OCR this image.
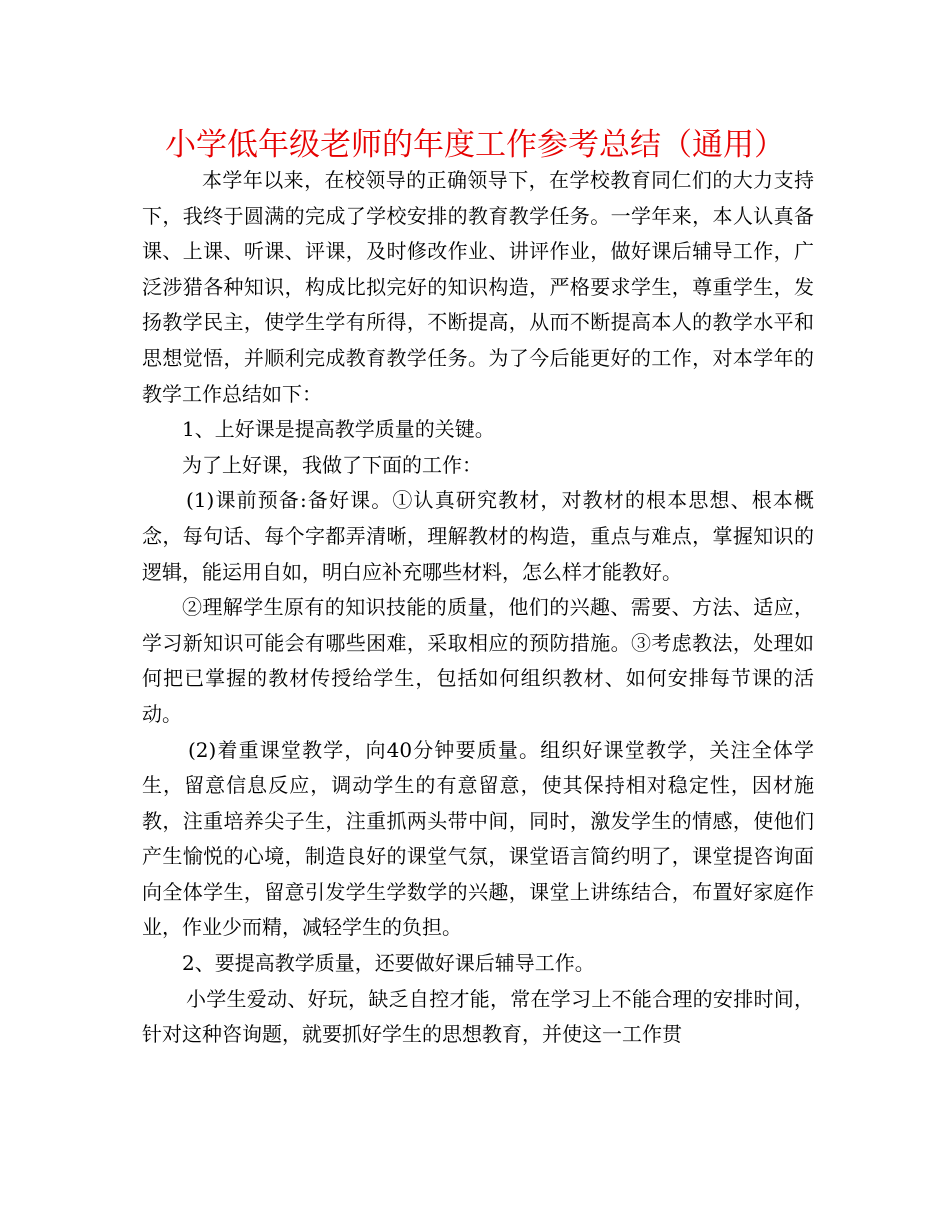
小学低年级老师的年度工作参考总结（通用）

本学年以来，在校领导的正确领导下，在学校教育同仁们的大力支持下，我终于圆满的完成了学校安排的教育教学任务。一学年来，本人认真备课、上课、听课、评课，及时修改作业、讲评作业，做好课后辅导工作，广泛涉猎各种知识，构成比拟完好的知识构造，严格要求学生，尊重学生，发扬教学民主，使学生学有所得，不断提高，从而不断提高本人的教学水平和思想觉悟，并顺利完成教育教学任务。为了今后能更好的工作，对本学年的教学工作总结如下：

1、上好课是提高教学质量的关键。

为了上好课，我做了下面的工作：

(1)课前预备:备好课。①认真研究教材，对教材的根本思想、根本概念，每句话、每个字都弄清晰，理解教材的构造，重点与难点，掌握知识的逻辑，能运用自如，明白应补充哪些材料，怎么样才能教好。

②理解学生原有的知识技能的质量，他们的兴趣、需要、方法、适应，学习新知识可能会有哪些困难，采取相应的预防措施。③考虑教法，处理如何把已掌握的教材传授给学生，包括如何组织教材、如何安排每节课的活动。

(2)着重课堂教学，向40分钟要质量。组织好课堂教学，关注全体学生，留意信息反应，调动学生的有意留意，使其保持相对稳定性，因材施教，注重培养尖子生，注重抓两头带中间，同时，激发学生的情感，使他们产生愉悦的心境，制造良好的课堂气氛，课堂语言简约明了，课堂提咨询面向全体学生，留意引发学生学数学的兴趣，课堂上讲练结合，布置好家庭作业，作业少而精，减轻学生的负担。

2、要提高教学质量，还要做好课后辅导工作。

小学生爱动、好玩，缺乏自控才能，常在学习上不能合理的安排时间，针对这种咨询题，就要抓好学生的思想教育，并使这一工作贯
